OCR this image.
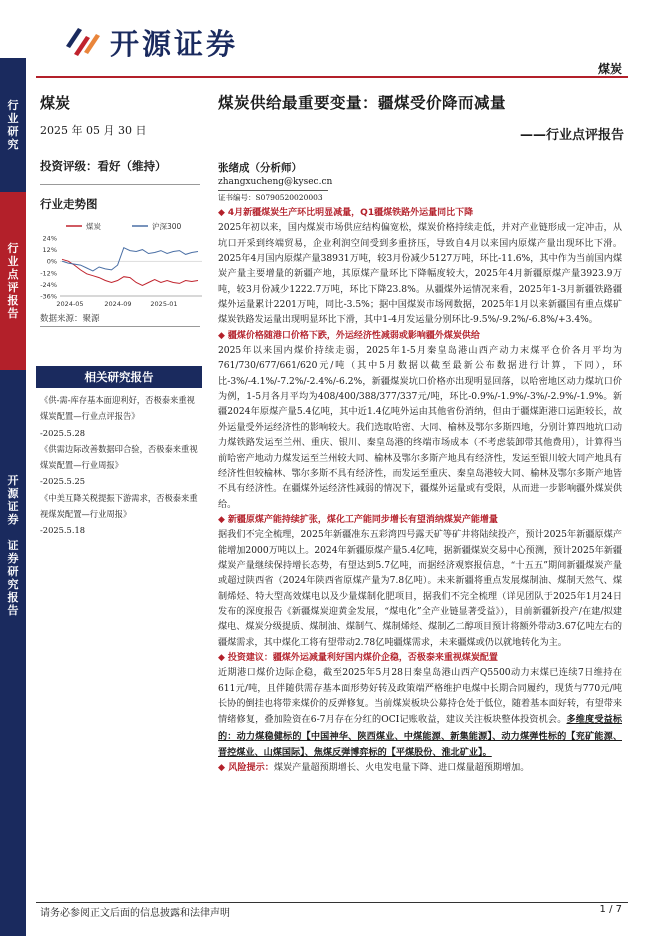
开源证券
煤炭
行
业
研
究
行
业
点
评
报
告
开
源
证
券

证
券
研
究
报
告
煤炭
2025 年 05 月 30 日
投资评级：看好（维持）
行业走势图
煤炭	沪深300
24%
12%
0%
-12%
-24%
-36%
2024-05	2024-09	2025-01
数据来源：聚源
相关研究报告
《供-需-库存基本面迎利好，否极泰来重视煤炭配置—行业点评报告》
-2025.5.28
《供需边际改善数据印合验，否极泰来重视煤炭配置—行业周报》
-2025.5.25
《中美互降关税提振下游需求，否极泰来重视煤炭配置—行业周报》
-2025.5.18
煤炭供给最重要变量：疆煤受价降而减量
——行业点评报告
张绪成（分析师）
zhangxucheng@kysec.cn
证书编号：S0790520020003
◆ 4月新疆煤炭生产环比明显减量，Q1疆煤铁路外运量同比下降

2025年初以来，国内煤炭市场供应结构偏宽松，煤炭价格持续走低，并对产业链形成一定冲击，从坑口开采到终端贸易，企业利润空间受到多重挤压，导致自4月以来国内原煤产量出现环比下滑。2025年4月国内原煤产量38931万吨，较3月份减少5127万吨，环比-11.6%，其中作为当前国内煤炭产量主要增量的新疆产地，其原煤产量环比下降幅度较大，2025年4月新疆原煤产量3923.9万吨，较3月份减少1222.7万吨，环比下降23.8%。从疆煤外运情况来看，2025年1-3月新疆铁路疆煤外运量累计2201万吨，同比-3.5%；据中国煤炭市场网数据，2025年1月以来新疆国有重点煤矿煤炭铁路发运量出现明显环比下滑，其中1-4月发运量分别环比-9.5%/-9.2%/-6.8%/+3.4%。

◆ 疆煤价格随港口价格下跌，外运经济性减弱或影响疆外煤炭供给

2025年以来国内煤价持续走弱，2025年1-5月秦皇岛港山西产动力末煤平仓价各月平均为761/730/677/661/620元/吨（其中5月数据以截至最新公布数据进行计算，下同），环比-3%/-4.1%/-7.2%/-2.4%/-6.2%，新疆煤炭坑口价格亦出现明显回落，以哈密地区动力煤坑口价为例，1-5月各月平均为408/400/388/377/337元/吨，环比-0.9%/-1.9%/-3%/-2.9%/-1.9%。新疆2024年原煤产量5.4亿吨，其中近1.4亿吨外运由其他省份消纳，但由于疆煤距港口运距较长，故外运量受外运经济性的影响较大。我们选取哈密、大同、榆林及鄂尔多斯四地，分别计算四地坑口动力煤铁路发运至兰州、重庆、银川、秦皇岛港的终端市场成本（不考虑装卸带其他费用），计算得当前哈密产地动力煤发运至兰州较大同、榆林及鄂尔多斯产地具有经济性，发运至银川较大同产地具有经济性但较榆林、鄂尔多斯不具有经济性，而发运至重庆、秦皇岛港较大同、榆林及鄂尔多斯产地皆不具有经济性。在疆煤外运经济性减弱的情况下，疆煤外运量或有受限，从而进一步影响疆外煤炭供给。

◆ 新疆原煤产能持续扩张，煤化工产能同步增长有望消纳煤炭产能增量

据我们不完全梳理，2025年新疆准东五彩湾四号露天矿等矿井将陆续投产，预计2025年新疆原煤产能增加2000万吨以上。2024年新疆原煤产量5.4亿吨，据新疆煤炭交易中心预测，预计2025年新疆煤炭产量继续保持增长态势，有望达到5.7亿吨，而据经济观察报信息，“十五五”期间新疆煤炭产量或超过陕西省（2024年陕西省原煤产量为7.8亿吨）。未来新疆将重点发展煤制油、煤制天然气、煤制烯烃、特大型高效煤电以及少量煤制化肥项目，据我们不完全梳理（详见团队于2025年1月24日发布的深度报告《新疆煤炭迎黄金发展，“煤电化”全产业链显著受益》），目前新疆新投产/在建/拟建煤电、煤炭分级提质、煤制油、煤制气、煤制烯烃、煤制乙二醇项目预计将额外带动3.67亿吨左右的疆煤需求，其中煤化工将有望带动2.78亿吨疆煤需求，未来疆煤或仍以就地转化为主。

◆ 投资建议：疆煤外运减量利好国内煤价企稳，否极泰来重视煤炭配置

近期港口煤价边际企稳，截至2025年5月28日秦皇岛港山西产Q5500动力末煤已连续7日维持在611元/吨，且伴随供需存基本面形势好转及政策端严格维护电煤中长期合同履约，现货与770元/吨长协的倒挂也将带来煤价的反弹修复。当前煤炭板块公募持仓处于低位，随着基本面好转，有望带来情绪修复，叠加险资在6-7月存在分红的OCI记账收益，建议关注板块整体投资机会。多维度受益标的：动力煤稳健标的【中国神华、陕西煤业、中煤能源、新集能源】、动力煤弹性标的【兖矿能源、晋控煤业、山煤国际】、焦煤反弹博弈标的【平煤股份、淮北矿业】。

◆ 风险提示：煤炭产量超预期增长、火电发电量下降、进口煤量超预期增加。

请务必参阅正文后面的信息披露和法律声明	1 / 7
